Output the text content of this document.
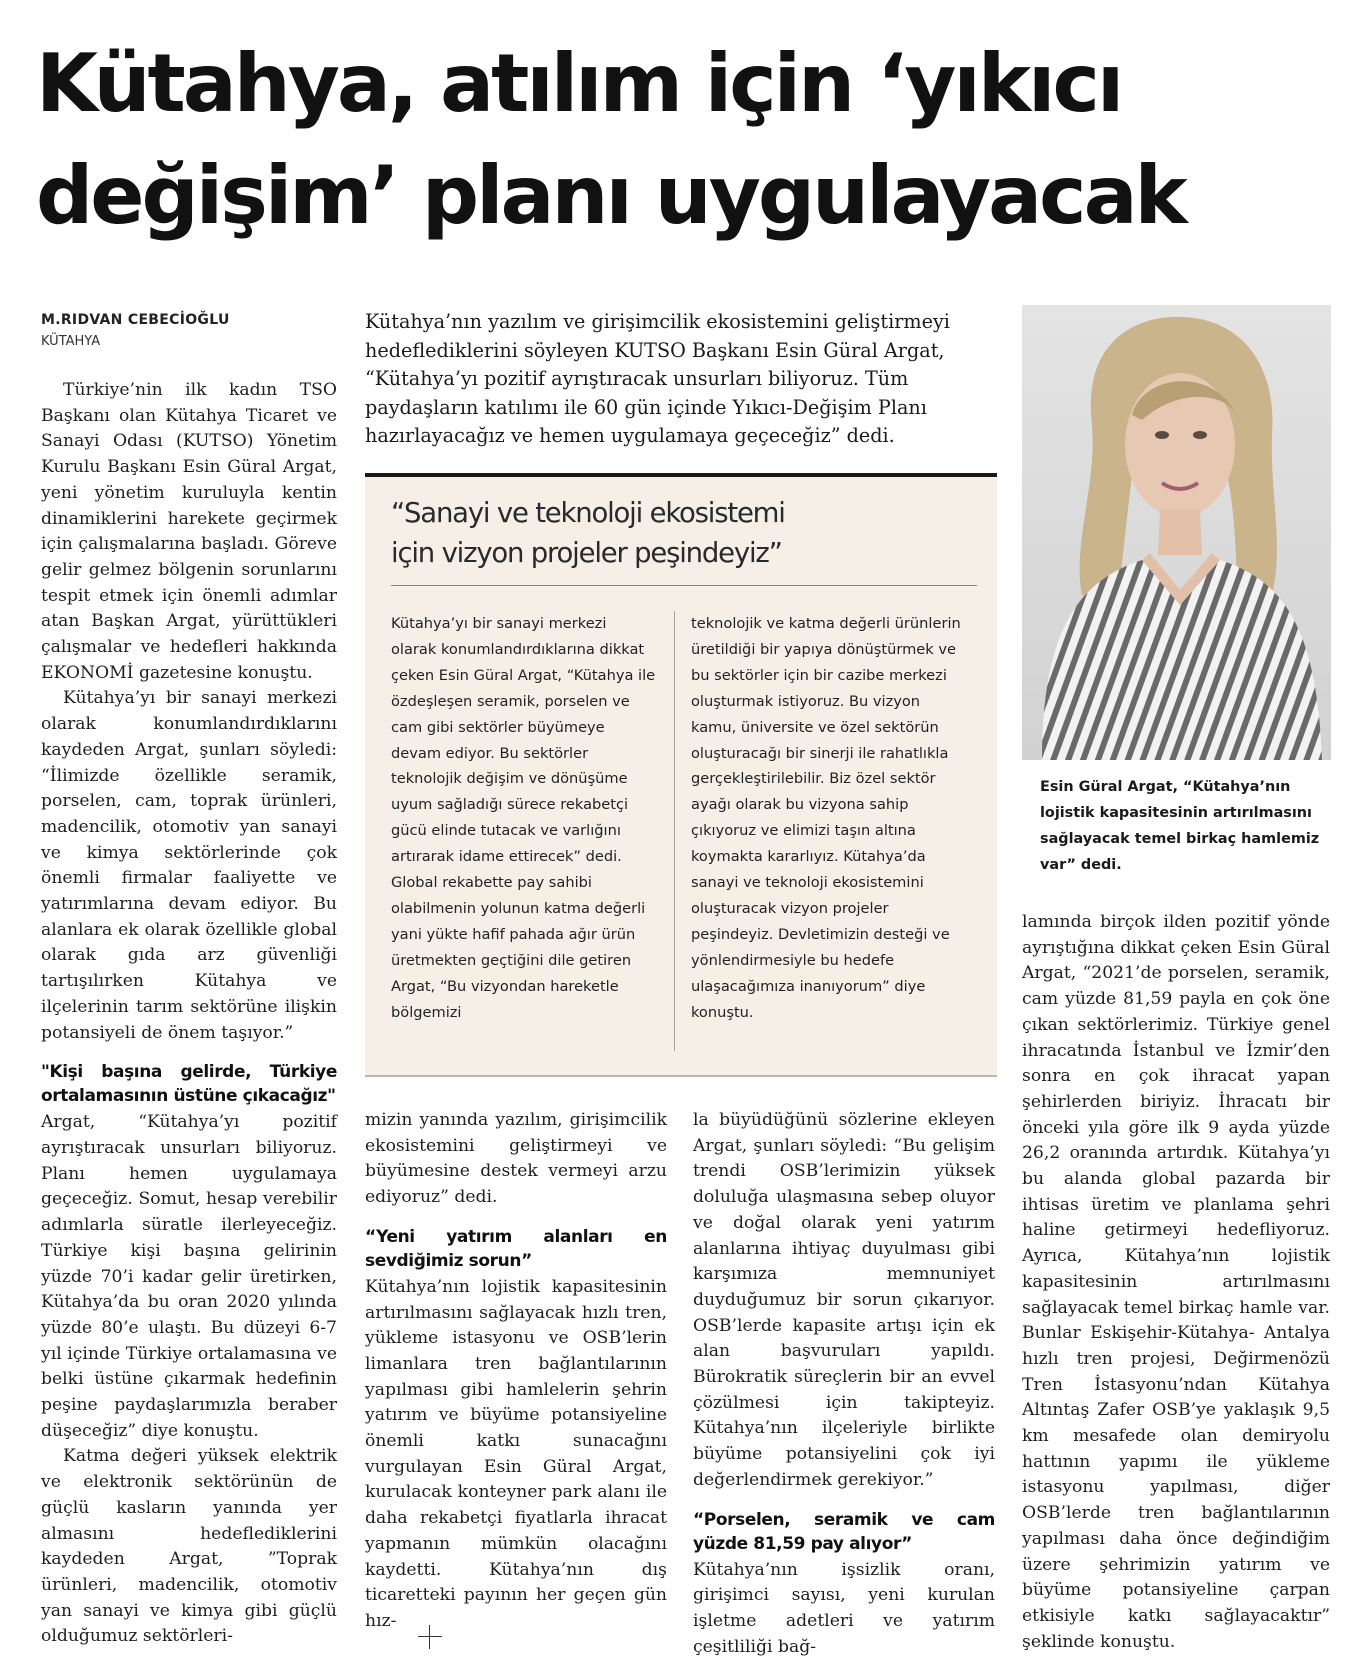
Kütahya, atılım için ‘yıkıcı
değişim’ planı uygulayacak
M.RIDVAN CEBECİOĞLU
KÜTAHYA

Türkiye’nin ilk kadın TSO Başkanı olan Kütahya Ticaret ve Sanayi Odası (KUTSO) Yönetim Kurulu Başkanı Esin Güral Argat, yeni yönetim kuruluyla kentin dinamiklerini harekete geçirmek için çalışmalarına başladı. Göreve gelir gelmez bölgenin sorunlarını tespit etmek için önemli adımlar atan Başkan Argat, yürüttükleri çalışmalar ve hedefleri hakkında EKONOMİ gazetesine konuştu.

Kütahya’yı bir sanayi merkezi olarak konumlandırdıklarını kaydeden Argat, şunları söyledi: “İlimizde özellikle seramik, porselen, cam, toprak ürünleri, madencilik, otomotiv yan sanayi ve kimya sektörlerinde çok önemli firmalar faaliyette ve yatırımlarına devam ediyor. Bu alanlara ek olarak özellikle global olarak gıda arz güvenliği tartışılırken Kütahya ve ilçelerinin tarım sektörüne ilişkin potansiyeli de önem taşıyor.”

"Kişi başına gelirde, Türkiye ortalamasının üstüne çıkacağız"

Argat, “Kütahya’yı pozitif ayrıştıracak unsurları biliyoruz. Planı hemen uygulamaya geçeceğiz. Somut, hesap verebilir adımlarla süratle ilerleyeceğiz. Türkiye kişi başına gelirinin yüzde 70’i kadar gelir üretirken, Kütahya’da bu oran 2020 yılında yüzde 80’e ulaştı. Bu düzeyi 6-7 yıl içinde Türkiye ortalamasına ve belki üstüne çıkarmak hedefinin peşine paydaşlarımızla beraber düşeceğiz” diye konuştu.

Katma değeri yüksek elektrik ve elektronik sektörünün de güçlü kasların yanında yer almasını hedeflediklerini kaydeden Argat, ”Toprak ürünleri, madencilik, otomotiv yan sanayi ve kimya gibi güçlü olduğumuz sektörleri-

Kütahya’nın yazılım ve girişimcilik ekosistemini geliştirmeyi hedeflediklerini söyleyen KUTSO Başkanı Esin Güral Argat, “Kütahya’yı pozitif ayrıştıracak unsurları biliyoruz. Tüm paydaşların katılımı ile 60 gün içinde Yıkıcı-Değişim Planı hazırlayacağız ve hemen uygulamaya geçeceğiz” dedi.

“Sanayi ve teknoloji ekosistemi
için vizyon projeler peşindeyiz”

Kütahya’yı bir sanayi merkezi olarak konumlandırdıklarına dikkat çeken Esin Güral Argat, “Kütahya ile özdeşleşen seramik, porselen ve cam gibi sektörler büyümeye devam ediyor. Bu sektörler teknolojik değişim ve dönüşüme uyum sağladığı sürece rekabetçi gücü elinde tutacak ve varlığını artırarak idame ettirecek” dedi. Global rekabette pay sahibi olabilmenin yolunun katma değerli yani yükte hafif pahada ağır ürün üretmekten geçtiğini dile getiren Argat, “Bu vizyondan hareketle bölgemizi

teknolojik ve katma değerli ürünlerin üretildiği bir yapıya dönüştürmek ve bu sektörler için bir cazibe merkezi oluşturmak istiyoruz. Bu vizyon kamu, üniversite ve özel sektörün oluşturacağı bir sinerji ile rahatlıkla gerçekleştirilebilir. Biz özel sektör ayağı olarak bu vizyona sahip çıkıyoruz ve elimizi taşın altına koymakta kararlıyız. Kütahya’da sanayi ve teknoloji ekosistemini oluşturacak vizyon projeler peşindeyiz. Devletimizin desteği ve yönlendirmesiyle bu hedefe ulaşacağımıza inanıyorum” diye konuştu.

Esin Güral Argat, “Kütahya’nın lojistik kapasitesinin artırılmasını sağlayacak temel birkaç hamlemiz var” dedi.

mizin yanında yazılım, girişimcilik ekosistemini geliştirmeyi ve büyümesine destek vermeyi arzu ediyoruz” dedi.

“Yeni yatırım alanları en sevdiğimiz sorun”

Kütahya’nın lojistik kapasitesinin artırılmasını sağlayacak hızlı tren, yükleme istasyonu ve OSB’lerin limanlara tren bağlantılarının yapılması gibi hamlelerin şehrin yatırım ve büyüme potansiyeline önemli katkı sunacağını vurgulayan Esin Güral Argat, kurulacak konteyner park alanı ile daha rekabetçi fiyatlarla ihracat yapmanın mümkün olacağını kaydetti. Kütahya’nın dış ticaretteki payının her geçen gün hız-

la büyüdüğünü sözlerine ekleyen Argat, şunları söyledi: “Bu gelişim trendi OSB’lerimizin yüksek doluluğa ulaşmasına sebep oluyor ve doğal olarak yeni yatırım alanlarına ihtiyaç duyulması gibi karşımıza memnuniyet duyduğumuz bir sorun çıkarıyor. OSB’lerde kapasite artışı için ek alan başvuruları yapıldı. Bürokratik süreçlerin bir an evvel çözülmesi için takipteyiz. Kütahya’nın ilçeleriyle birlikte büyüme potansiyelini çok iyi değerlendirmek gerekiyor.”

“Porselen, seramik ve cam yüzde 81,59 pay alıyor”

Kütahya’nın işsizlik oranı, girişimci sayısı, yeni kurulan işletme adetleri ve yatırım çeşitliliği bağ-

lamında birçok ilden pozitif yönde ayrıştığına dikkat çeken Esin Güral Argat, “2021’de porselen, seramik, cam yüzde 81,59 payla en çok öne çıkan sektörlerimiz. Türkiye genel ihracatında İstanbul ve İzmir’den sonra en çok ihracat yapan şehirlerden biriyiz. İhracatı bir önceki yıla göre ilk 9 ayda yüzde 26,2 oranında artırdık. Kütahya’yı bu alanda global pazarda bir ihtisas üretim ve planlama şehri haline getirmeyi hedefliyoruz. Ayrıca, Kütahya’nın lojistik kapasitesinin artırılmasını sağlayacak temel birkaç hamle var. Bunlar Eskişehir-Kütahya- Antalya hızlı tren projesi, Değirmenözü Tren İstasyonu’ndan Kütahya Altıntaş Zafer OSB’ye yaklaşık 9,5 km mesafede olan demiryolu hattının yapımı ile yükleme istasyonu yapılması, diğer OSB’lerde tren bağlantılarının yapılması daha önce değindiğim üzere şehrimizin yatırım ve büyüme potansiyeline çarpan etkisiyle katkı sağlayacaktır” şeklinde konuştu.
